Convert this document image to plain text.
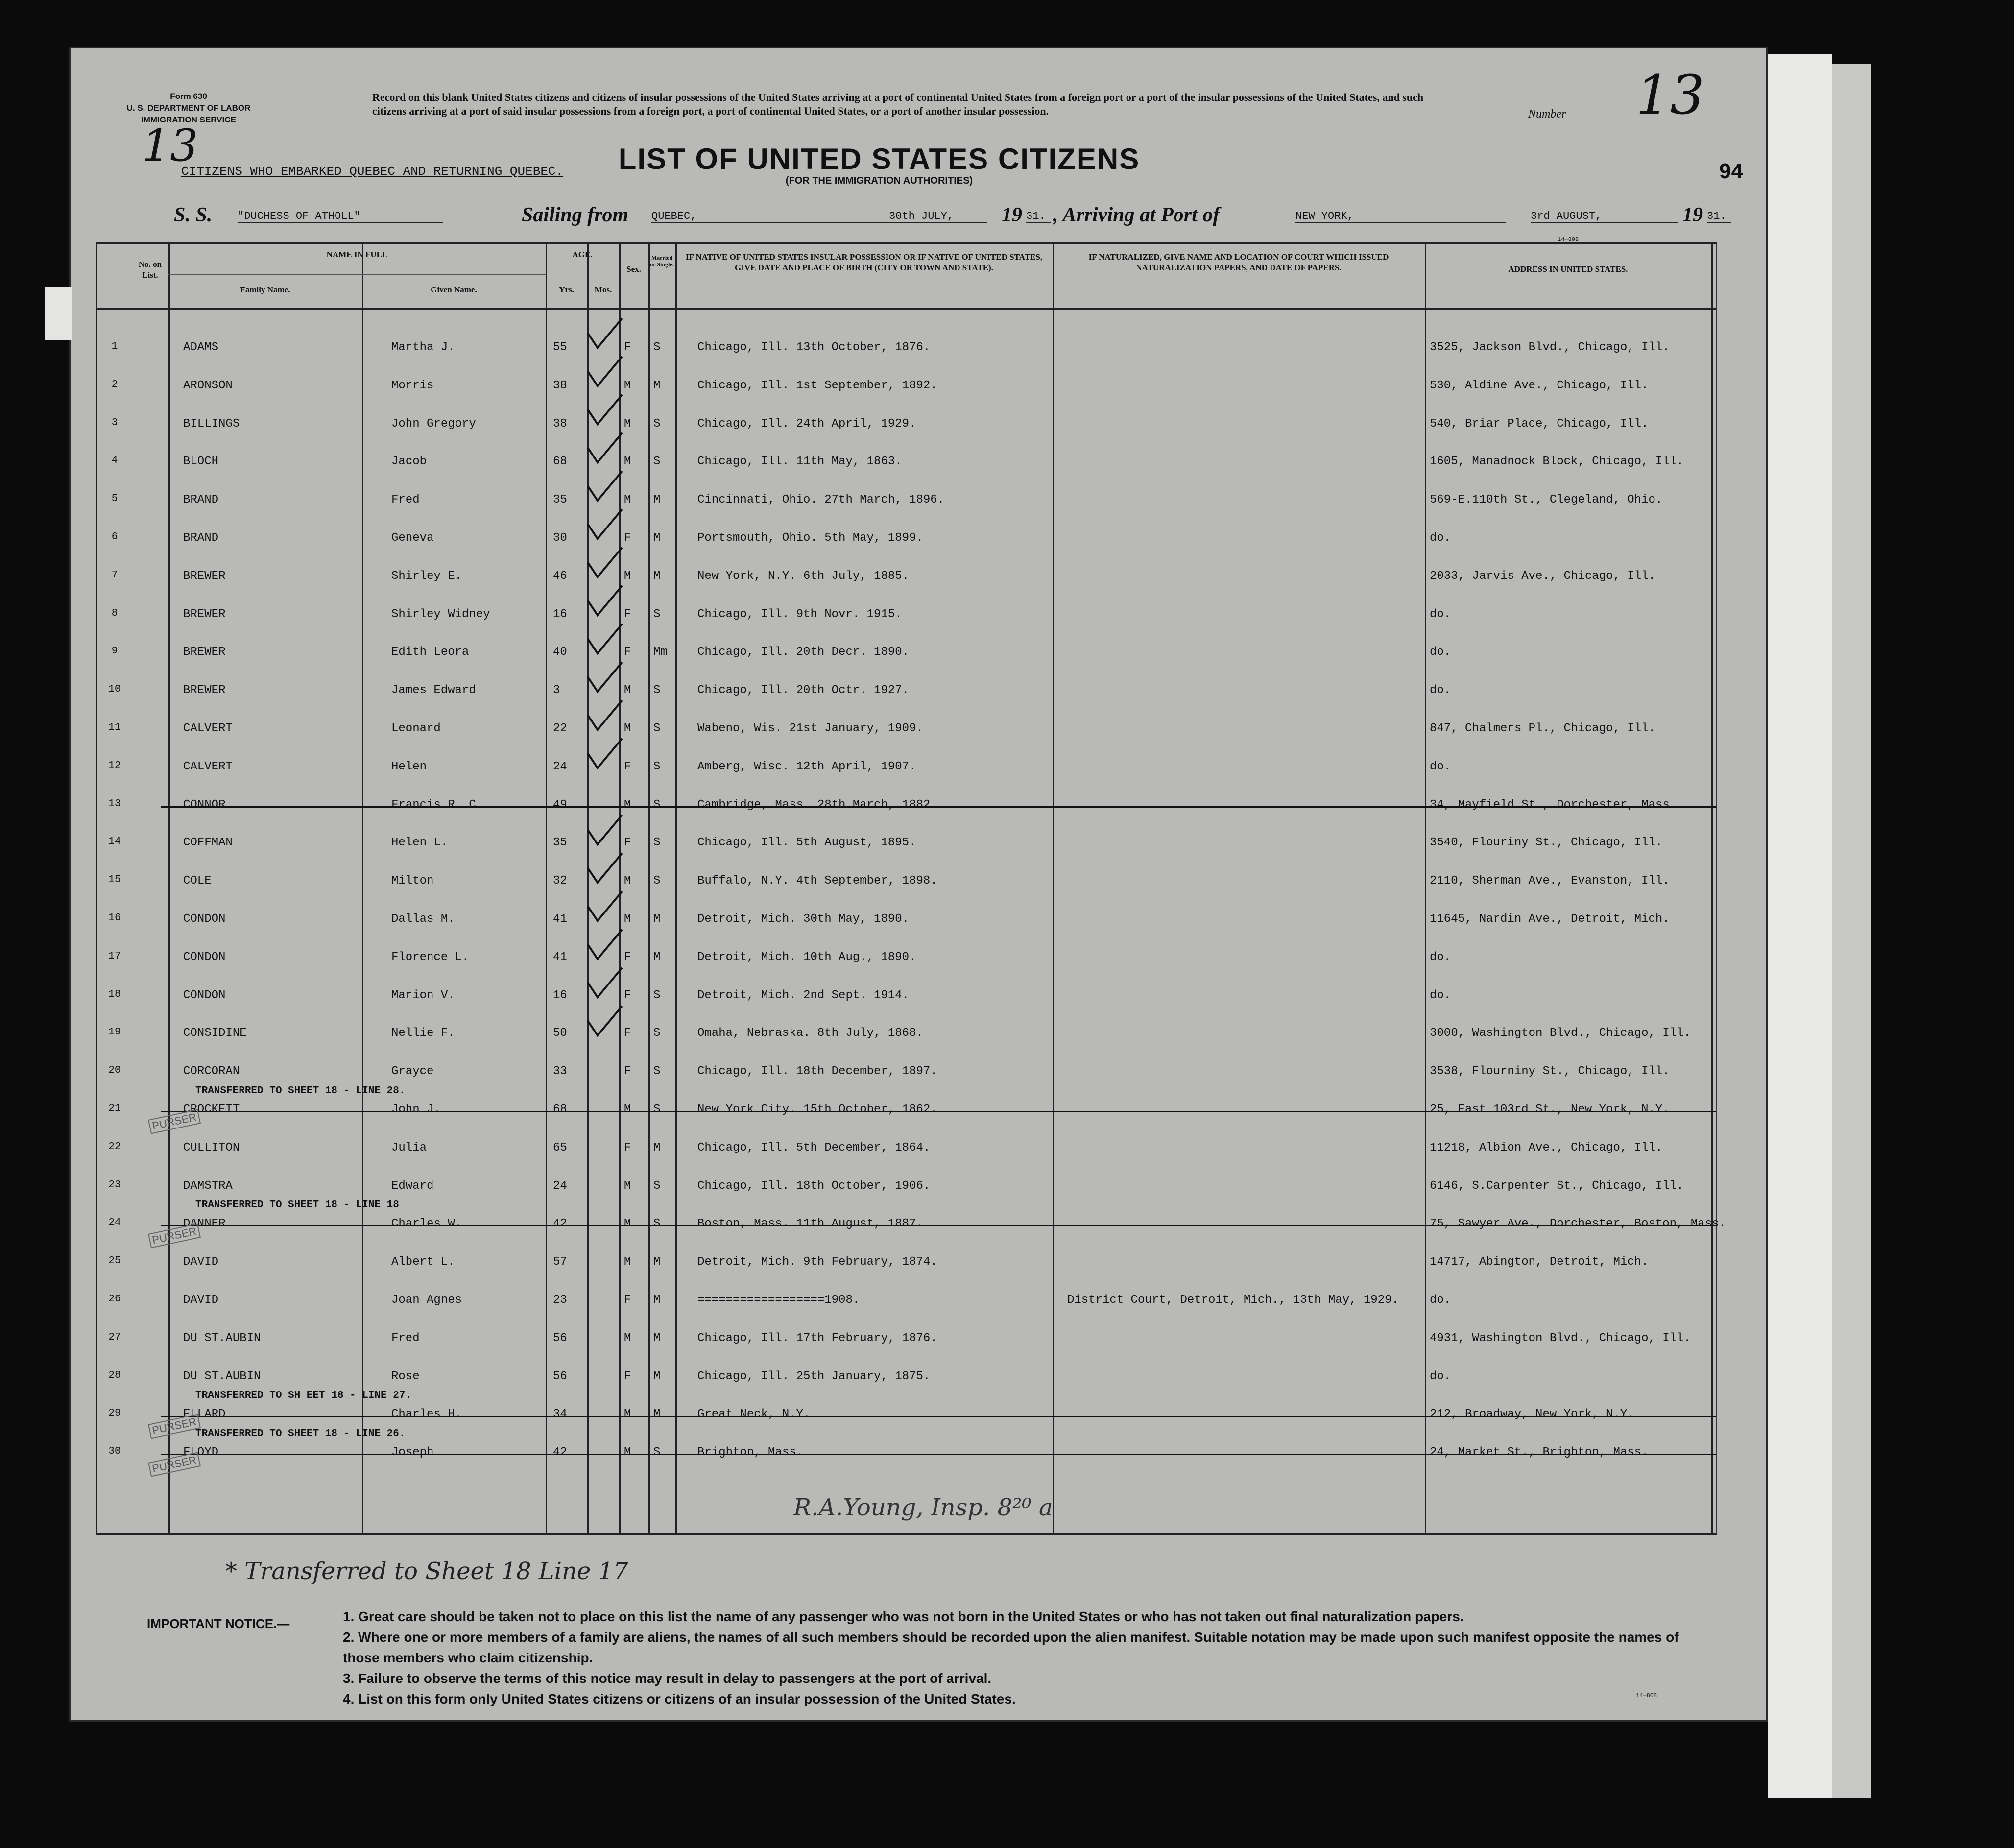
Form 630
U. S. DEPARTMENT OF LABOR
IMMIGRATION SERVICE
Record on this blank United States citizens and citizens of insular possessions of the United States arriving at a port of continental United States from a foreign port or a port of the insular possessions of the United States, and such citizens arriving at a port of said insular possessions from a foreign port, a port of continental United States, or a port of another insular possession.	Number 13
94
13
CITIZENS WHO EMBARKED QUEBEC AND RETURNING QUEBEC.	LIST OF UNITED STATES CITIZENS
(FOR THE IMMIGRATION AUTHORITIES)
S. S. "DUCHESS OF ATHOLL"	Sailing from QUEBEC,	30th JULY,	19 31. , Arriving at Port of	NEW YORK,	3rd AUGUST,	19 31.
14—808
No. on List.
NAME IN FULL
Family Name.	Given Name.
AGE.
Yrs.	Mos.
Sex.
Married or Single.
IF NATIVE OF UNITED STATES INSULAR POSSESSION OR IF NATIVE OF UNITED STATES, GIVE DATE AND PLACE OF BIRTH (CITY OR TOWN AND STATE).
IF NATURALIZED, GIVE NAME AND LOCATION OF COURT WHICH ISSUED NATURALIZATION PAPERS, AND DATE OF PAPERS.	ADDRESS IN UNITED STATES.
1	ADAMS	Martha J.	55	F S	Chicago, Ill. 13th October, 1876.	3525, Jackson Blvd., Chicago, Ill.
2	ARONSON	Morris	38	M M	Chicago, Ill. 1st September, 1892.	530, Aldine Ave., Chicago, Ill.
3	BILLINGS	John Gregory	38	M S	Chicago, Ill. 24th April, 1929.	540, Briar Place, Chicago, Ill.
4	BLOCH	Jacob	68	M S	Chicago, Ill. 11th May, 1863.	1605, Manadnock Block, Chicago, Ill.
5	BRAND	Fred	35	M M	Cincinnati, Ohio. 27th March, 1896.	569-E.110th St., Clegeland, Ohio.
6	BRAND	Geneva	30	F M	Portsmouth, Ohio. 5th May, 1899.	do.
7	BREWER	Shirley E.	46	M M	New York, N.Y. 6th July, 1885.	2033, Jarvis Ave., Chicago, Ill.
8	BREWER	Shirley Widney	16	F S	Chicago, Ill. 9th Novr. 1915.	do.
9	BREWER	Edith Leora	40	F Mm	Chicago, Ill. 20th Decr. 1890.	do.
10	BREWER	James Edward	3	M S	Chicago, Ill. 20th Octr. 1927.	do.
11	CALVERT	Leonard	22	M S	Wabeno, Wis. 21st January, 1909.	847, Chalmers Pl., Chicago, Ill.
12	CALVERT	Helen	24	F S	Amberg, Wisc. 12th April, 1907.	do.
13	CONNOR	Francis R. C.	49	M S	Cambridge, Mass. 28th March, 1882.	34, Mayfield St., Dorchester, Mass.
14	COFFMAN	Helen L.	35	F S	Chicago, Ill. 5th August, 1895.	3540, Flouriny St., Chicago, Ill.
15	COLE	Milton	32	M S	Buffalo, N.Y. 4th September, 1898.	2110, Sherman Ave., Evanston, Ill.
16	CONDON	Dallas M.	41	M M	Detroit, Mich. 30th May, 1890.	11645, Nardin Ave., Detroit, Mich.
17	CONDON	Florence L.	41	F M	Detroit, Mich. 10th Aug., 1890.	do.
18	CONDON	Marion V.	16	F S	Detroit, Mich. 2nd Sept. 1914.	do.
19	CONSIDINE	Nellie F.	50	F S	Omaha, Nebraska. 8th July, 1868.	3000, Washington Blvd., Chicago, Ill.
20	CORCORAN	Grayce	33	F S	Chicago, Ill. 18th December, 1897.	3538, Flourniny St., Chicago, Ill.
21	CROCKETT	John J.	68	M S	New York City. 15th October, 1862.	25, East 103rd St., New York, N.Y.
TRANSFERRED TO SHEET 18 - LINE 28.
PURSER
22	CULLITON	Julia	65	F M	Chicago, Ill. 5th December, 1864.	11218, Albion Ave., Chicago, Ill.
23	DAMSTRA	Edward	24	M S	Chicago, Ill. 18th October, 1906.	6146, S.Carpenter St., Chicago, Ill.
24	DANNER	Charles W.	42	M S	Boston, Mass. 11th August, 1887.	75, Sawyer Ave., Dorchester, Boston, Mass.
TRANSFERRED TO SHEET 18 - LINE 18
PURSER
25	DAVID	Albert L.	57	M M	Detroit, Mich. 9th February, 1874.	14717, Abington, Detroit, Mich.
26	DAVID	Joan Agnes	23	F M	==================1908.	District Court, Detroit, Mich., 13th May, 1929.	do.
27	DU ST.AUBIN	Fred	56	M M	Chicago, Ill. 17th February, 1876.	4931, Washington Blvd., Chicago, Ill.
28	DU ST.AUBIN	Rose	56	F M	Chicago, Ill. 25th January, 1875.	do.
29	ELLARD	Charles H.	34	M M	Great Neck, N.Y.	212, Broadway, New York, N.Y.
TRANSFERRED TO SH EET 18 - LINE 27.
PURSER
30	FLOYD	Joseph	42	M S	Brighton, Mass.	24, Market St., Brighton, Mass.
TRANSFERRED TO SHEET 18 - LINE 26.
PURSER
R.A.Young, Insp. 8²⁰ a
* Transferred to Sheet 18 Line 17
IMPORTANT NOTICE.—	1. Great care should be taken not to place on this list the name of any passenger who was not born in the United States or who has not taken out final naturalization papers.

2. Where one or more members of a family are aliens, the names of all such members should be recorded upon the alien manifest. Suitable notation may be made upon such manifest opposite the names of those members who claim citizenship.

3. Failure to observe the terms of this notice may result in delay to passengers at the port of arrival.

4. List on this form only United States citizens or citizens of an insular possession of the United States.	14—808
